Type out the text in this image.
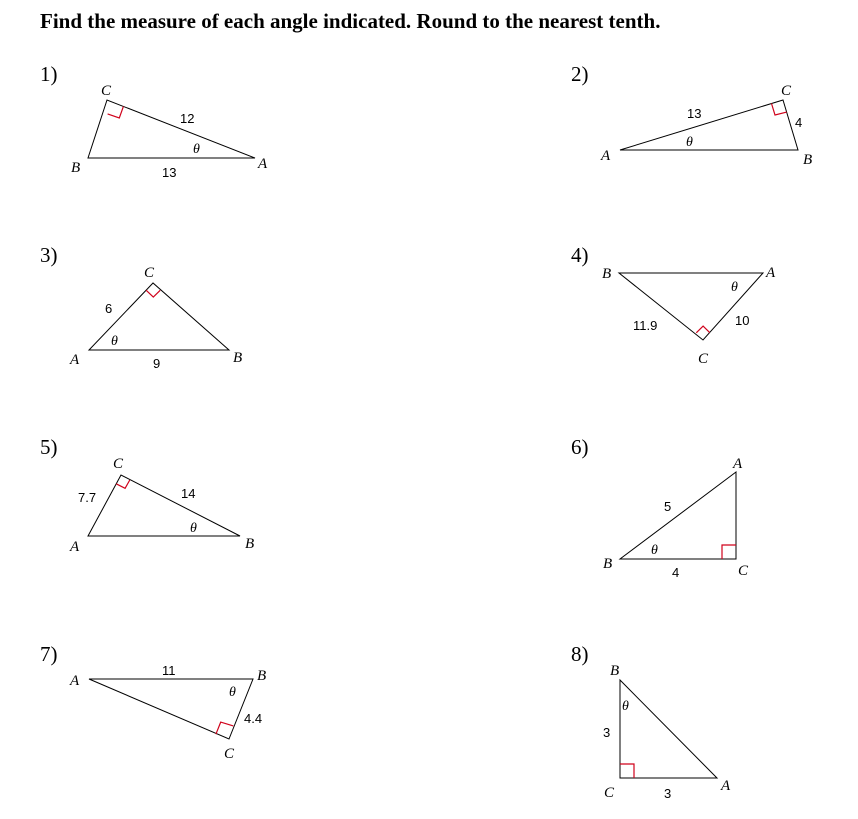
Find the measure of each angle indicated. Round to the nearest tenth.
1)	2)
3)	4)
5)	6)
7)	8)
C
B	A
12
13
θ
C
A	B
13
4
θ
C
A	B
6
9
θ
B	A
C
11.9	10
θ
C
A	B
7.7	14
θ
A
B	C
5
4
θ
A	B
C
11
4.4
θ
B
C	A
3
3
θ
